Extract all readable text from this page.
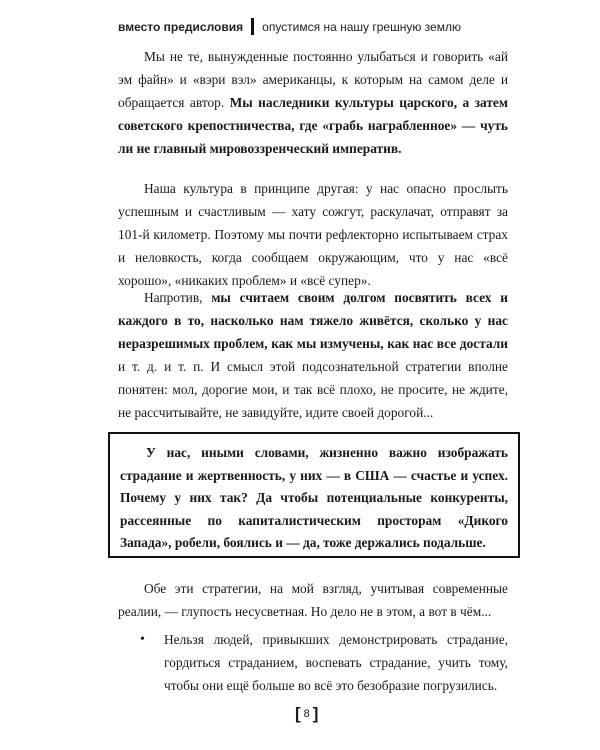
вместо предисловия опустимся на нашу грешную землю

Мы не те, вынужденные постоянно улыбаться и говорить «ай эм файн» и «вэри вэл» американцы, к которым на самом деле и обращается автор. Мы наследники культуры царского, а затем советского крепостничества, где «грабь награбленное» — чуть ли не главный мировоззренческий императив.

Наша культура в принципе другая: у нас опасно прослыть успешным и счастливым — хату сожгут, раскулачат, отправят за 101-й километр. Поэтому мы почти рефлекторно испытываем страх и неловкость, когда сообщаем окружающим, что у нас «всё хорошо», «никаких проблем» и «всё супер».

Напротив, мы считаем своим долгом посвятить всех и каждого в то, насколько нам тяжело живётся, сколько у нас неразрешимых проблем, как мы измучены, как нас все достали и т. д. и т. п. И смысл этой подсознательной стратегии вполне понятен: мол, дорогие мои, и так всё плохо, не просите, не ждите, не рассчитывайте, не завидуйте, идите своей дорогой...

У нас, иными словами, жизненно важно изображать страдание и жертвенность, у них — в США — счастье и успех. Почему у них так? Да чтобы потенциальные конкуренты, рассеянные по капиталистическим просторам «Дикого Запада», робели, боялись и — да, тоже держались подальше.

Обе эти стратегии, на мой взгляд, учитывая современные реалии, — глупость несусветная. Но дело не в этом, а вот в чём...

• Нельзя людей, привыкших демонстрировать страдание, гордиться страданием, воспевать страдание, учить тому, чтобы они ещё больше во всё это безобразие погрузились.

[ 8 ]
